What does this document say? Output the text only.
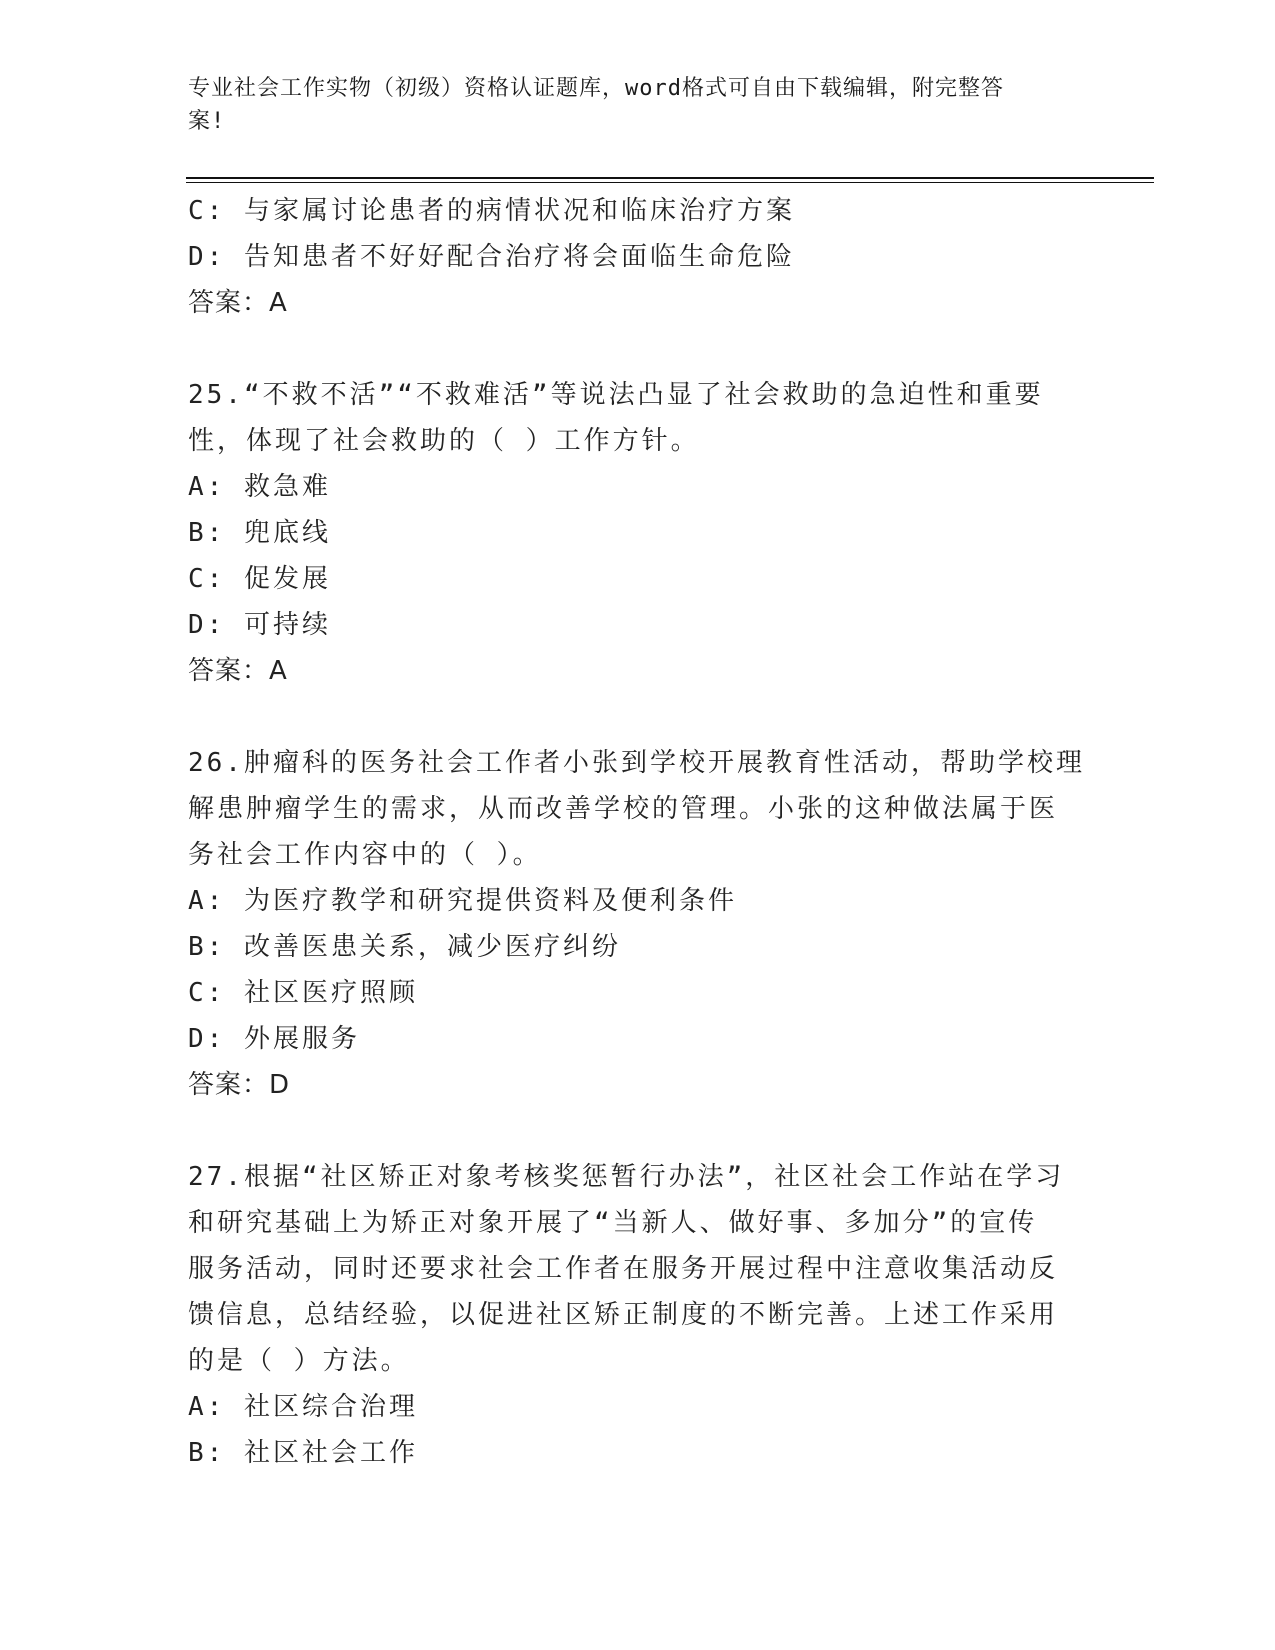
专业社会工作实物（初级）资格认证题库，word格式可自由下载编辑，附完整答
案!
C: 与家属讨论患者的病情状况和临床治疗方案
D: 告知患者不好好配合治疗将会面临生命危险
答案：A
25.“不救不活”“不救难活”等说法凸显了社会救助的急迫性和重要
性，体现了社会救助的（ ）工作方针。
A: 救急难
B: 兜底线
C: 促发展
D: 可持续
答案：A
26.肿瘤科的医务社会工作者小张到学校开展教育性活动，帮助学校理
解患肿瘤学生的需求，从而改善学校的管理。小张的这种做法属于医
务社会工作内容中的（ ）。
A: 为医疗教学和研究提供资料及便利条件
B: 改善医患关系，减少医疗纠纷
C: 社区医疗照顾
D: 外展服务
答案：D
27.根据“社区矫正对象考核奖惩暂行办法”，社区社会工作站在学习
和研究基础上为矫正对象开展了“当新人、做好事、多加分”的宣传
服务活动，同时还要求社会工作者在服务开展过程中注意收集活动反
馈信息，总结经验，以促进社区矫正制度的不断完善。上述工作采用
的是（ ）方法。
A: 社区综合治理
B: 社区社会工作
